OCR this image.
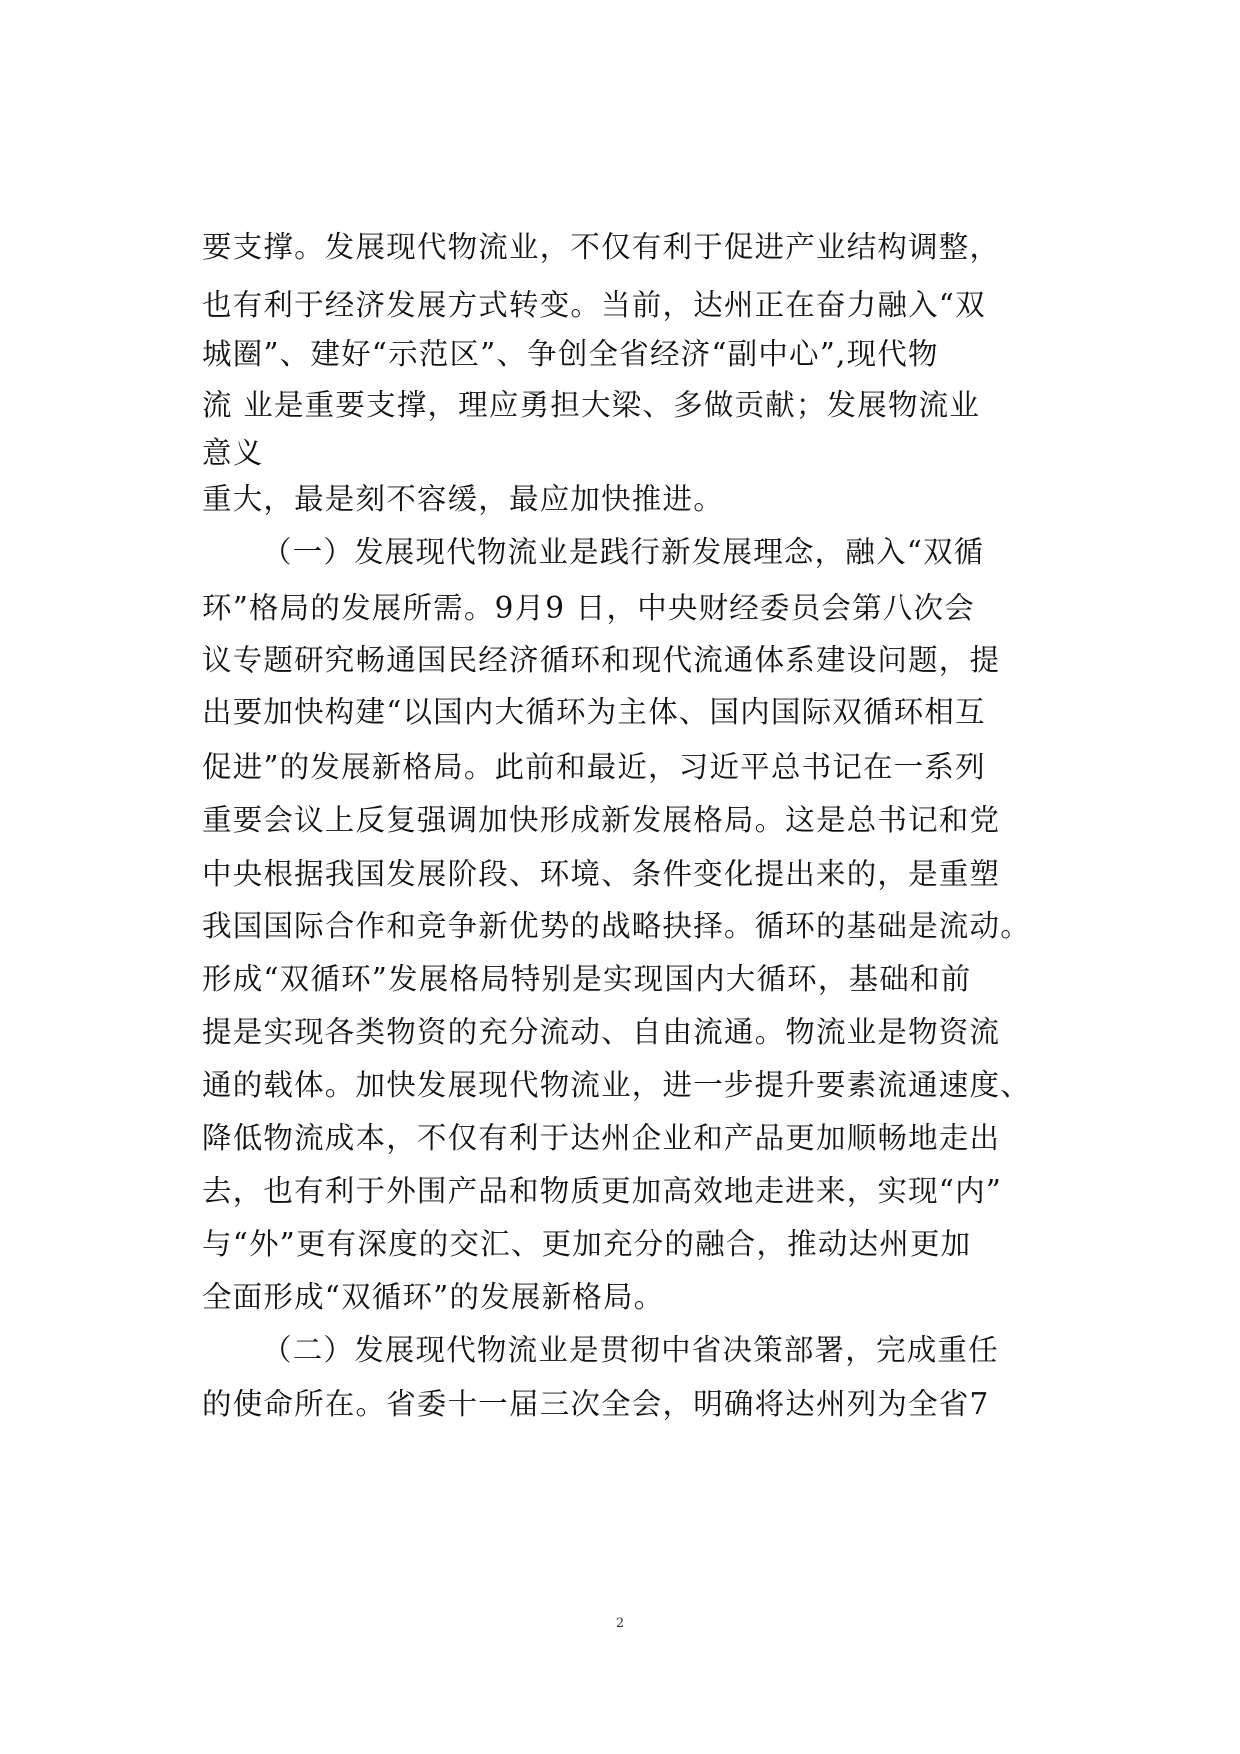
要支撑。发展现代物流业，不仅有利于促进产业结构调整，
也有利于经济发展方式转变。当前，达州正在奋力融入“双
城圈”、建好“示范区”、争创全省经济“副中心”,现代物
流 业是重要支撑，理应勇担大梁、多做贡献；发展物流业
意义
重大，最是刻不容缓，最应加快推进。
（一）发展现代物流业是践行新发展理念，融入“双循
环”格局的发展所需。9月9 日，中央财经委员会第八次会
议专题研究畅通国民经济循环和现代流通体系建设问题，提
出要加快构建“以国内大循环为主体、国内国际双循环相互
促进”的发展新格局。此前和最近，习近平总书记在一系列
重要会议上反复强调加快形成新发展格局。这是总书记和党
中央根据我国发展阶段、环境、条件变化提出来的，是重塑
我国国际合作和竞争新优势的战略抉择。循环的基础是流动。
形成“双循环”发展格局特别是实现国内大循环，基础和前
提是实现各类物资的充分流动、自由流通。物流业是物资流
通的载体。加快发展现代物流业，进一步提升要素流通速度、
降低物流成本，不仅有利于达州企业和产品更加顺畅地走出
去，也有利于外围产品和物质更加高效地走进来，实现“内”
与“外”更有深度的交汇、更加充分的融合，推动达州更加
全面形成“双循环”的发展新格局。
（二）发展现代物流业是贯彻中省决策部署，完成重任
的使命所在。省委十一届三次全会，明确将达州列为全省7
2
